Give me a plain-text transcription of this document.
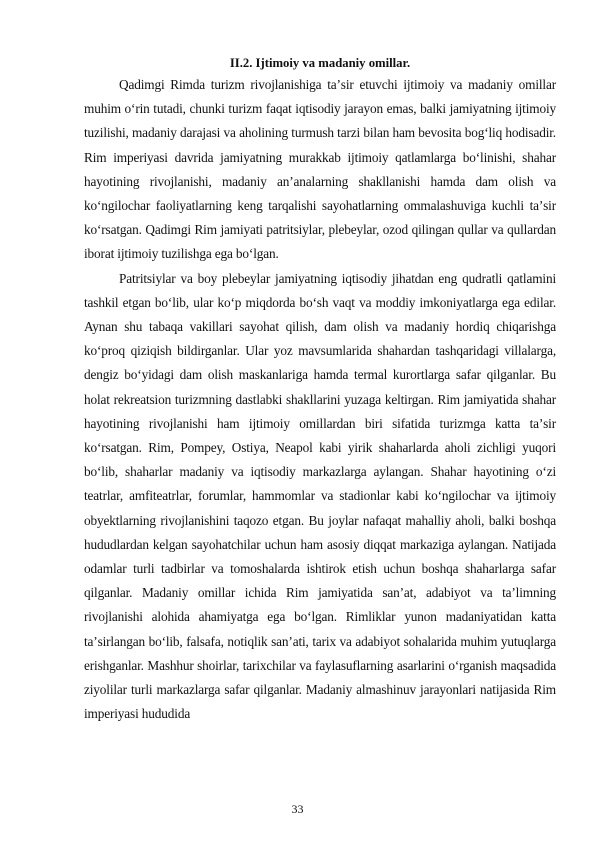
II.2. Ijtimoiy va madaniy omillar.

Qadimgi Rimda turizm rivojlanishiga taʼsir etuvchi ijtimoiy va madaniy omillar muhim oʻrin tutadi, chunki turizm faqat iqtisodiy jarayon emas, balki jamiyatning ijtimoiy tuzilishi, madaniy darajasi va aholining turmush tarzi bilan ham bevosita bogʻliq hodisadir. Rim imperiyasi davrida jamiyatning murakkab ijtimoiy qatlamlarga boʻlinishi, shahar hayotining rivojlanishi, madaniy anʼanalarning shakllanishi hamda dam olish va koʻngilochar faoliyatlarning keng tarqalishi sayohatlarning ommalashuviga kuchli taʼsir koʻrsatgan. Qadimgi Rim jamiyati patritsiylar, plebeylar, ozod qilingan qullar va qullardan iborat ijtimoiy tuzilishga ega boʻlgan.

Patritsiylar va boy plebeylar jamiyatning iqtisodiy jihatdan eng qudratli qatlamini tashkil etgan boʻlib, ular koʻp miqdorda boʻsh vaqt va moddiy imkoniyatlarga ega edilar. Aynan shu tabaqa vakillari sayohat qilish, dam olish va madaniy hordiq chiqarishga koʻproq qiziqish bildirganlar. Ular yoz mavsumlarida shahardan tashqaridagi villalarga, dengiz boʻyidagi dam olish maskanlariga hamda termal kurortlarga safar qilganlar. Bu holat rekreatsion turizmning dastlabki shakllarini yuzaga keltirgan. Rim jamiyatida shahar hayotining rivojlanishi ham ijtimoiy omillardan biri sifatida turizmga katta taʼsir koʻrsatgan. Rim, Pompey, Ostiya, Neapol kabi yirik shaharlarda aholi zichligi yuqori boʻlib, shaharlar madaniy va iqtisodiy markazlarga aylangan. Shahar hayotining oʻzi teatrlar, amfiteatrlar, forumlar, hammomlar va stadionlar kabi koʻngilochar va ijtimoiy obyektlarning rivojlanishini taqozo etgan. Bu joylar nafaqat mahalliy aholi, balki boshqa hududlardan kelgan sayohatchilar uchun ham asosiy diqqat markaziga aylangan. Natijada odamlar turli tadbirlar va tomoshalarda ishtirok etish uchun boshqa shaharlarga safar qilganlar. Madaniy omillar ichida Rim jamiyatida sanʼat, adabiyot va taʼlimning rivojlanishi alohida ahamiyatga ega boʻlgan. Rimliklar yunon madaniyatidan katta taʼsirlangan boʻlib, falsafa, notiqlik sanʼati, tarix va adabiyot sohalarida muhim yutuqlarga erishganlar. Mashhur shoirlar, tarixchilar va faylasuflarning asarlarini oʻrganish maqsadida ziyolilar turli markazlarga safar qilganlar. Madaniy almashinuv jarayonlari natijasida Rim imperiyasi hududida

33
